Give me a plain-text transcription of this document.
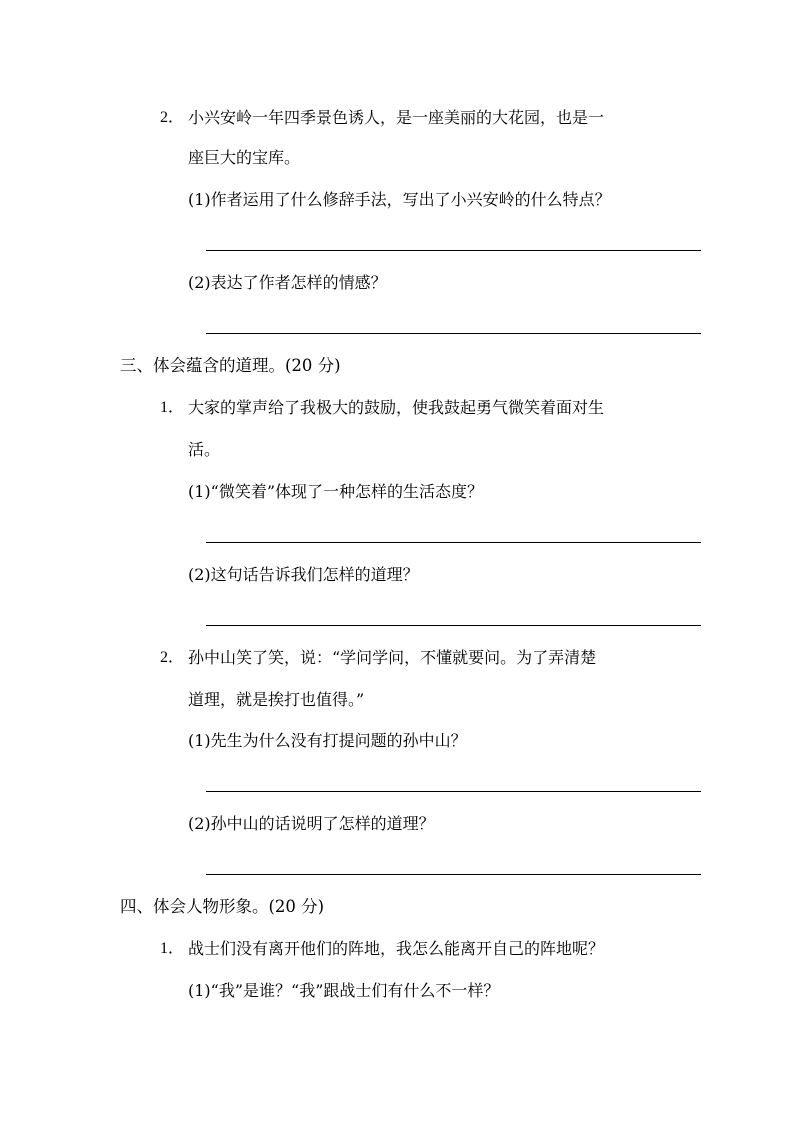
2． 小兴安岭一年四季景色诱人，是一座美丽的大花园，也是一
座巨大的宝库。
(1)作者运用了什么修辞手法，写出了小兴安岭的什么特点？
(2)表达了作者怎样的情感？
三、体会蕴含的道理。(20 分)
1． 大家的掌声给了我极大的鼓励，使我鼓起勇气微笑着面对生
活。
(1)“微笑着”体现了一种怎样的生活态度？
(2)这句话告诉我们怎样的道理？
2． 孙中山笑了笑，说：“学问学问，不懂就要问。为了弄清楚
道理，就是挨打也值得。”
(1)先生为什么没有打提问题的孙中山？
(2)孙中山的话说明了怎样的道理？
四、体会人物形象。(20 分)
1． 战士们没有离开他们的阵地，我怎么能离开自己的阵地呢？
(1)“我”是谁？“我”跟战士们有什么不一样？
